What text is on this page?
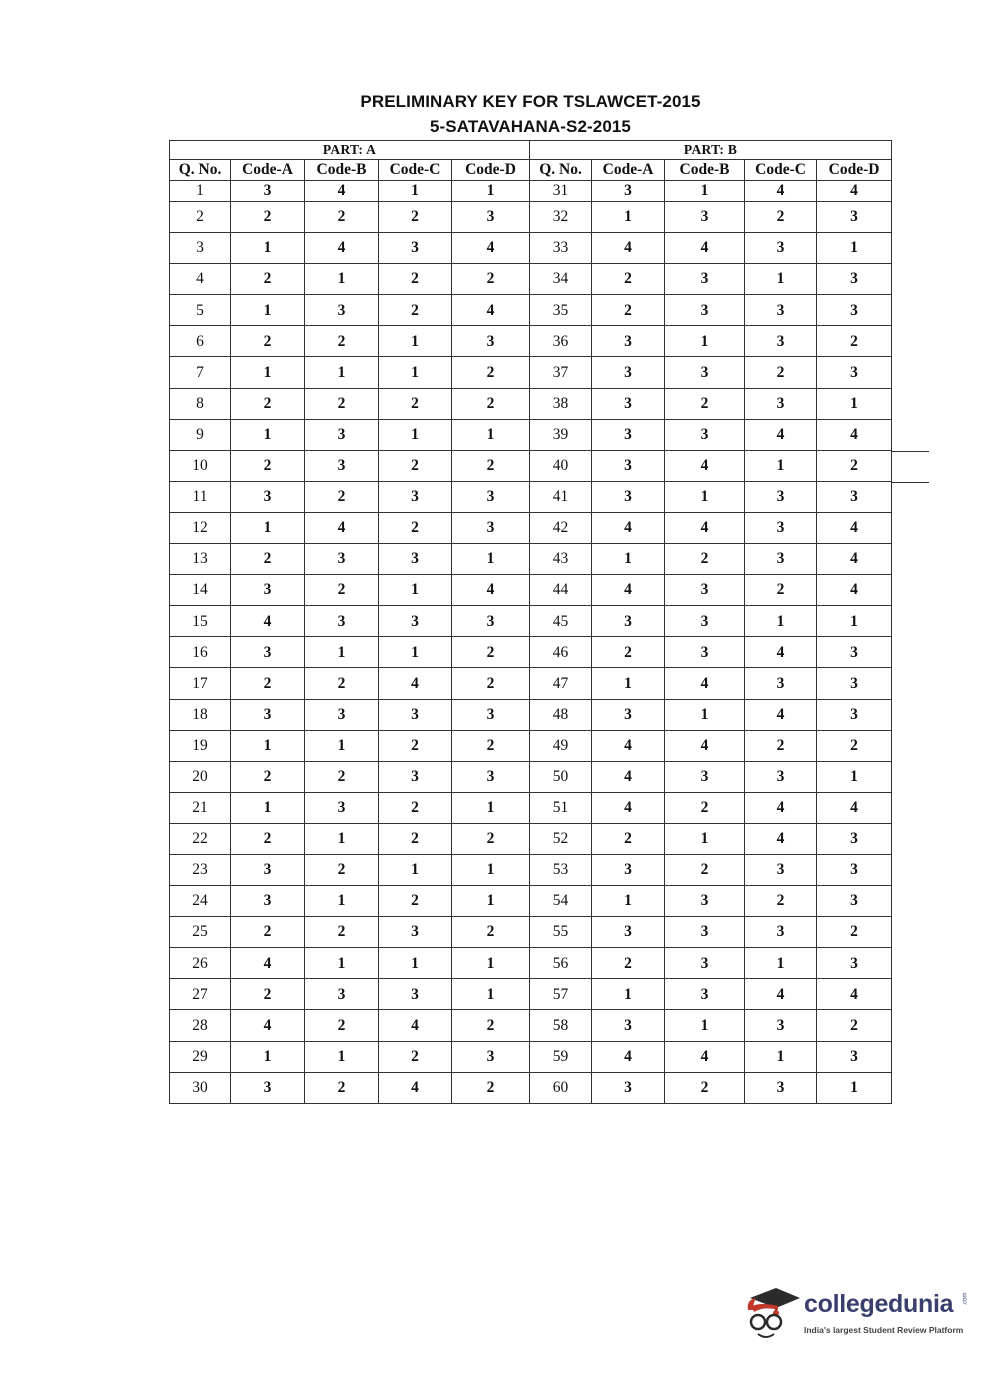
PRELIMINARY KEY FOR TSLAWCET-2015
5-SATAVAHANA-S2-2015
PART: A					PART: B				
Q. No.	Code-A	Code-B	Code-C	Code-D	Q. No.	Code-A	Code-B	Code-C	Code-D
1	3	4	1	1	31	3	1	4	4
2	2	2	2	3	32	1	3	2	3
3	1	4	3	4	33	4	4	3	1
4	2	1	2	2	34	2	3	1	3
5	1	3	2	4	35	2	3	3	3
6	2	2	1	3	36	3	1	3	2
7	1	1	1	2	37	3	3	2	3
8	2	2	2	2	38	3	2	3	1
9	1	3	1	1	39	3	3	4	4
10	2	3	2	2	40	3	4	1	2
11	3	2	3	3	41	3	1	3	3
12	1	4	2	3	42	4	4	3	4
13	2	3	3	1	43	1	2	3	4
14	3	2	1	4	44	4	3	2	4
15	4	3	3	3	45	3	3	1	1
16	3	1	1	2	46	2	3	4	3
17	2	2	4	2	47	1	4	3	3
18	3	3	3	3	48	3	1	4	3
19	1	1	2	2	49	4	4	2	2
20	2	2	3	3	50	4	3	3	1
21	1	3	2	1	51	4	2	4	4
22	2	1	2	2	52	2	1	4	3
23	3	2	1	1	53	3	2	3	3
24	3	1	2	1	54	1	3	2	3
25	2	2	3	2	55	3	3	3	2
26	4	1	1	1	56	2	3	1	3
27	2	3	3	1	57	1	3	4	4
28	4	2	4	2	58	3	1	3	2
29	1	1	2	3	59	4	4	1	3
30	3	2	4	2	60	3	2	3	1
collegedunia .com
India's largest Student Review Platform
